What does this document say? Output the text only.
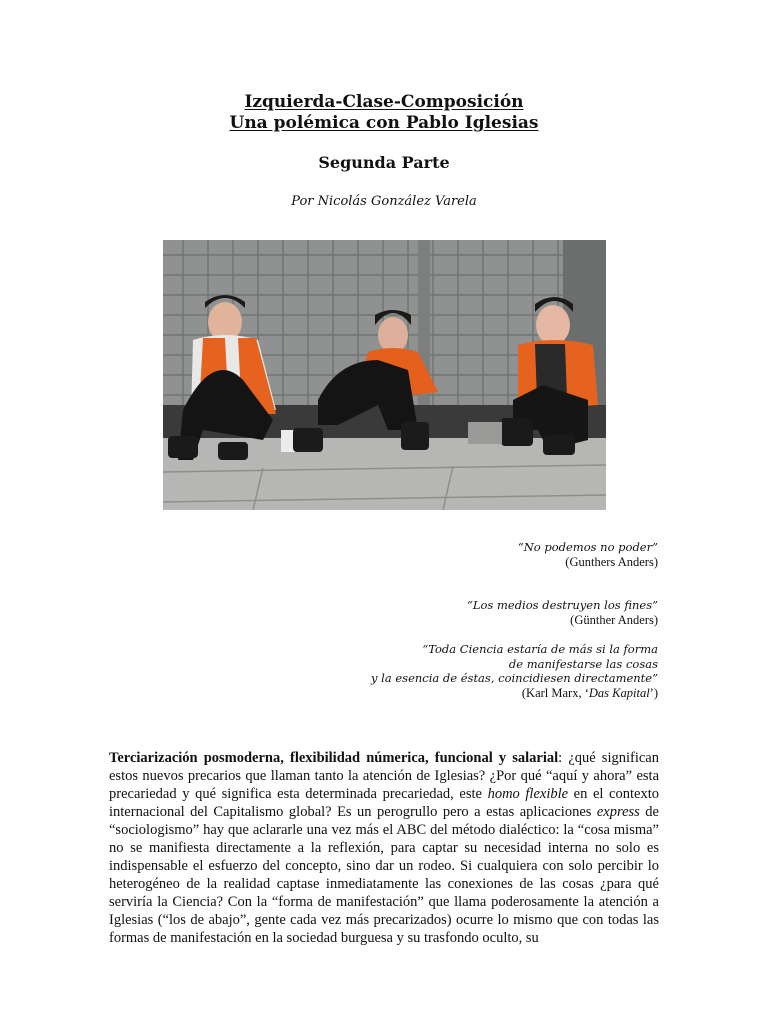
Izquierda-Clase-Composición
Una polémica con Pablo Iglesias
Segunda Parte
Por Nicolás González Varela
“No podemos no poder”
(Gunthers Anders)
“Los medios destruyen los fines”
(Günther Anders)
“Toda Ciencia estaría de más si la forma
de manifestarse las cosas
y la esencia de éstas, coincidiesen directamente”
(Karl Marx, ‘Das Kapital’)
Terciarización posmoderna, flexibilidad númerica, funcional y salarial: ¿qué significan estos nuevos precarios que llaman tanto la atención de Iglesias? ¿Por qué “aquí y ahora” esta precariedad y qué significa esta determinada precariedad, este homo flexible en el contexto internacional del Capitalismo global? Es un perogrullo pero a estas aplicaciones express de “sociologismo” hay que aclararle una vez más el ABC del método dialéctico: la “cosa misma” no se manifiesta directamente a la reflexión, para captar su necesidad interna no solo es indispensable el esfuerzo del concepto, sino dar un rodeo. Si cualquiera con solo percibir lo heterogéneo de la realidad captase inmediatamente las conexiones de las cosas ¿para qué serviría la Ciencia? Con la “forma de manifestación” que llama poderosamente la atención a Iglesias (“los de abajo”, gente cada vez más precarizados) ocurre lo mismo que con todas las formas de manifestación en la sociedad burguesa y su trasfondo oculto, su
